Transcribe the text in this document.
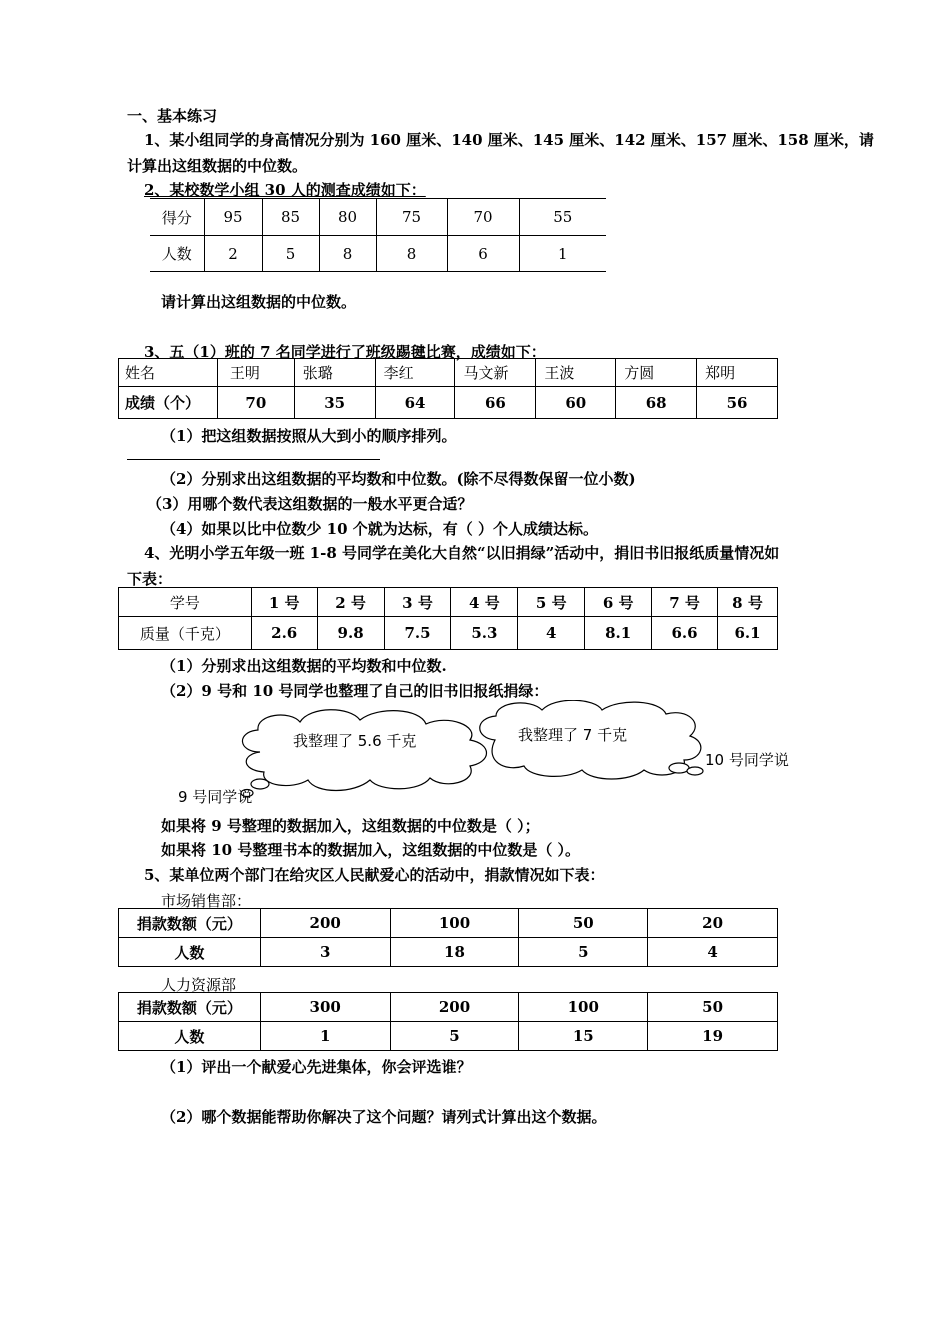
一、基本练习
1、某小组同学的身高情况分别为 160 厘米、140 厘米、145 厘米、142 厘米、157 厘米、158 厘米，请
计算出这组数据的中位数。
2、某校数学小组 30 人的测查成绩如下：
得分	95	85	80	75	70	55
人数	2	5	8	8	6	1
请计算出这组数据的中位数。
3、五（1）班的 7 名同学进行了班级踢毽比赛，成绩如下：
姓名	王明	张璐	李红	马文新	王波	方圆	郑明
成绩（个）	70	35	64	66	60	68	56
（1）把这组数据按照从大到小的顺序排列。
（2）分别求出这组数据的平均数和中位数。(除不尽得数保留一位小数)
（3）用哪个数代表这组数据的一般水平更合适？
（4）如果以比中位数少 10 个就为达标，有（ ）个人成绩达标。
4、光明小学五年级一班 1-8 号同学在美化大自然“以旧捐绿”活动中，捐旧书旧报纸质量情况如
下表：
学号	1 号	2 号	3 号	4 号	5 号	6 号	7 号	8 号
质量（千克）	2.6	9.8	7.5	5.3	4	8.1	6.6	6.1
（1）分别求出这组数据的平均数和中位数.
（2）9 号和 10 号同学也整理了自己的旧书旧报纸捐绿：
我整理了 5.6 千克	我整理了 7 千克
10 号同学说
9 号同学说
如果将 9 号整理的数据加入，这组数据的中位数是（ ）；
如果将 10 号整理书本的数据加入，这组数据的中位数是（ ）。
5、某单位两个部门在给灾区人民献爱心的活动中，捐款情况如下表：
市场销售部：
捐款数额（元）	200	100	50	20
人数	3	18	5	4
人力资源部
捐款数额（元）	300	200	100	50
人数	1	5	15	19
（1）评出一个献爱心先进集体，你会评选谁？
（2）哪个数据能帮助你解决了这个问题？请列式计算出这个数据。
